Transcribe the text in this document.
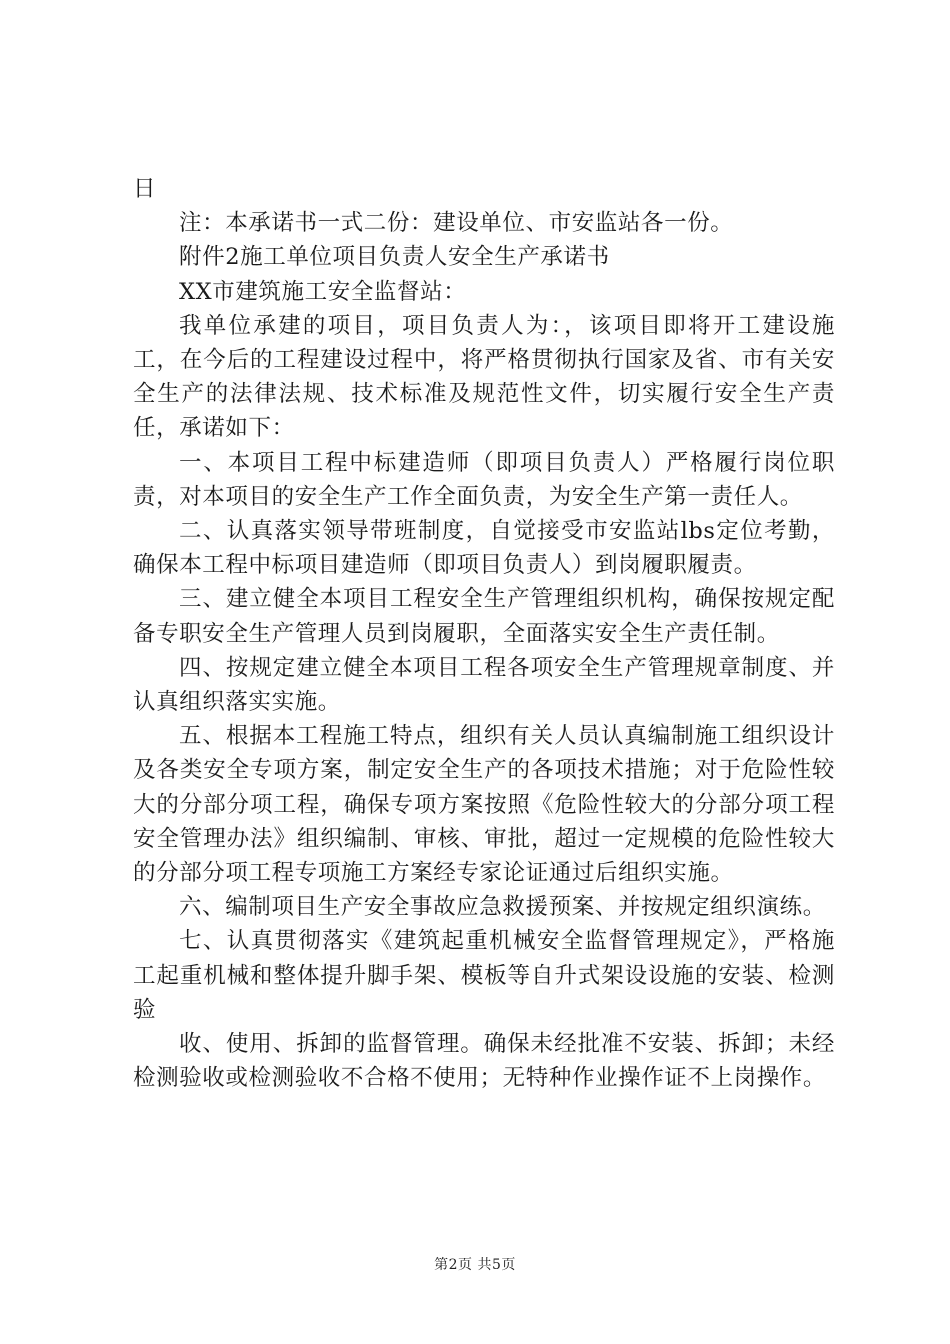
日

注：本承诺书一式二份：建设单位、市安监站各一份。

附件2施工单位项目负责人安全生产承诺书

XX市建筑施工安全监督站：

我单位承建的项目，项目负责人为：，该项目即将开工建设施工，在今后的工程建设过程中，将严格贯彻执行国家及省、市有关安全生产的法律法规、技术标准及规范性文件，切实履行安全生产责任，承诺如下：

一、本项目工程中标建造师（即项目负责人）严格履行岗位职责，对本项目的安全生产工作全面负责，为安全生产第一责任人。

二、认真落实领导带班制度，自觉接受市安监站lbs定位考勤，确保本工程中标项目建造师（即项目负责人）到岗履职履责。

三、建立健全本项目工程安全生产管理组织机构，确保按规定配备专职安全生产管理人员到岗履职，全面落实安全生产责任制。

四、按规定建立健全本项目工程各项安全生产管理规章制度、并认真组织落实实施。

五、根据本工程施工特点，组织有关人员认真编制施工组织设计及各类安全专项方案，制定安全生产的各项技术措施；对于危险性较大的分部分项工程，确保专项方案按照《危险性较大的分部分项工程安全管理办法》组织编制、审核、审批，超过一定规模的危险性较大的分部分项工程专项施工方案经专家论证通过后组织实施。

六、编制项目生产安全事故应急救援预案、并按规定组织演练。

七、认真贯彻落实《建筑起重机械安全监督管理规定》，严格施工起重机械和整体提升脚手架、模板等自升式架设设施的安装、检测验

收、使用、拆卸的监督管理。确保未经批准不安装、拆卸；未经检测验收或检测验收不合格不使用；无特种作业操作证不上岗操作。

第2页 共5页
